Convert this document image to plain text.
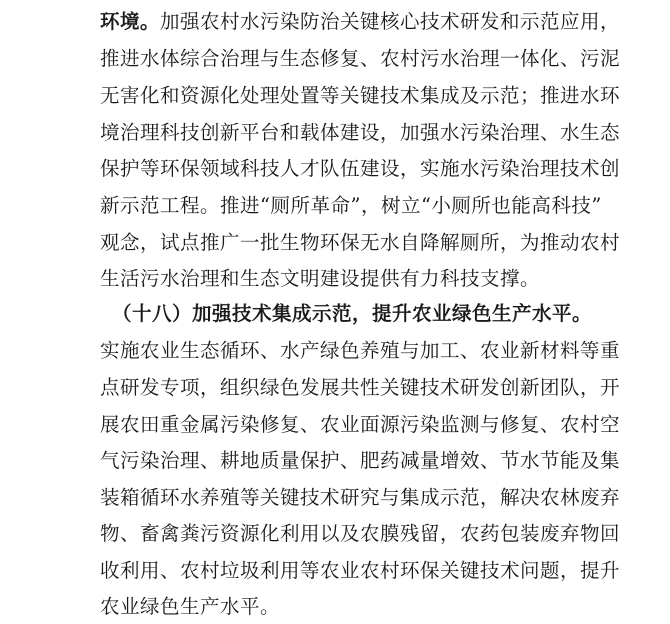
环境。加强农村水污染防治关键核心技术研发和示范应用，
推进水体综合治理与生态修复、农村污水治理一体化、污泥
无害化和资源化处理处置等关键技术集成及示范；推进水环
境治理科技创新平台和载体建设，加强水污染治理、水生态
保护等环保领域科技人才队伍建设，实施水污染治理技术创
新示范工程。推进“厕所革命”，树立“小厕所也能高科技”
观念，试点推广一批生物环保无水自降解厕所，为推动农村
生活污水治理和生态文明建设提供有力科技支撑。
（十八）加强技术集成示范，提升农业绿色生产水平。
实施农业生态循环、水产绿色养殖与加工、农业新材料等重
点研发专项，组织绿色发展共性关键技术研发创新团队，开
展农田重金属污染修复、农业面源污染监测与修复、农村空
气污染治理、耕地质量保护、肥药减量增效、节水节能及集
装箱循环水养殖等关键技术研究与集成示范，解决农林废弃
物、畜禽粪污资源化利用以及农膜残留，农药包装废弃物回
收利用、农村垃圾利用等农业农村环保关键技术问题，提升
农业绿色生产水平。
